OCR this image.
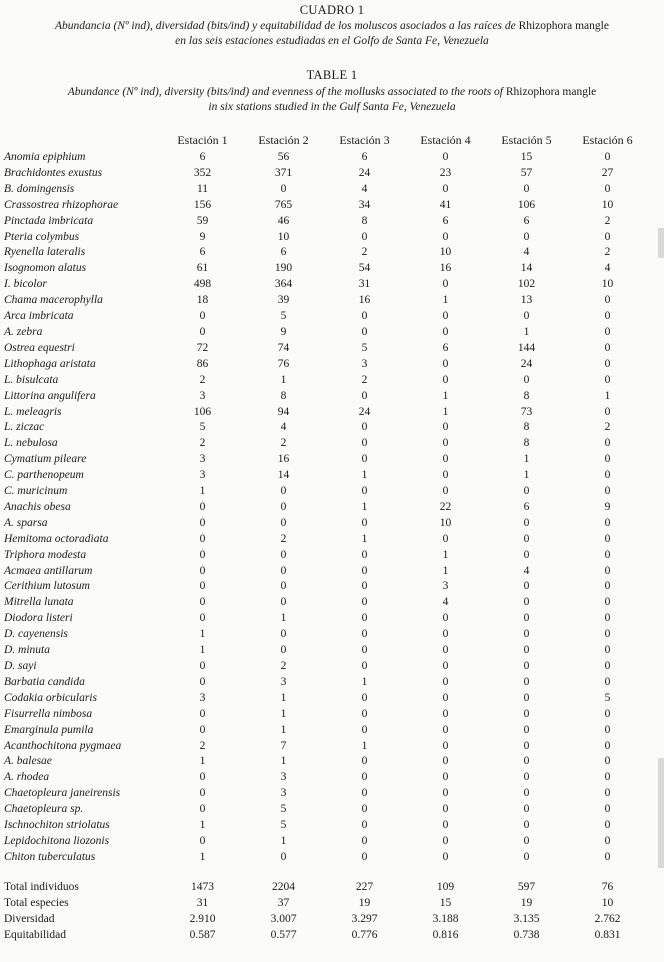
CUADRO 1
Abundancia (Nº ind), diversidad (bits/ind) y equitabilidad de los moluscos asociados a las raíces de Rhizophora mangle
en las seis estaciones estudiadas en el Golfo de Santa Fe, Venezuela
TABLE 1
Abundance (Nº ind), diversity (bits/ind) and evenness of the mollusks associated to the roots of Rhizophora mangle
in six stations studied in the Gulf Santa Fe, Venezuela
	Estación 1	Estación 2	Estación 3	Estación 4	Estación 5	Estación 6
Anomia epiphium	6	56	6	0	15	0
Brachidontes exustus	352	371	24	23	57	27
B. domingensis	11	0	4	0	0	0
Crassostrea rhizophorae	156	765	34	41	106	10
Pinctada imbricata	59	46	8	6	6	2
Pteria colymbus	9	10	0	0	0	0
Ryenella lateralis	6	6	2	10	4	2
Isognomon alatus	61	190	54	16	14	4
I. bicolor	498	364	31	0	102	10
Chama macerophylla	18	39	16	1	13	0
Arca imbricata	0	5	0	0	0	0
A. zebra	0	9	0	0	1	0
Ostrea equestri	72	74	5	6	144	0
Lithophaga aristata	86	76	3	0	24	0
L. bisulcata	2	1	2	0	0	0
Littorina angulifera	3	8	0	1	8	1
L. meleagris	106	94	24	1	73	0
L. ziczac	5	4	0	0	8	2
L. nebulosa	2	2	0	0	8	0
Cymatium pileare	3	16	0	0	1	0
C. parthenopeum	3	14	1	0	1	0
C. muricinum	1	0	0	0	0	0
Anachis obesa	0	0	1	22	6	9
A. sparsa	0	0	0	10	0	0
Hemitoma octoradiata	0	2	1	0	0	0
Triphora modesta	0	0	0	1	0	0
Acmaea antillarum	0	0	0	1	4	0
Cerithium lutosum	0	0	0	3	0	0
Mitrella lunata	0	0	0	4	0	0
Diodora listeri	0	1	0	0	0	0
D. cayenensis	1	0	0	0	0	0
D. minuta	1	0	0	0	0	0
D. sayi	0	2	0	0	0	0
Barbatia candida	0	3	1	0	0	0
Codakia orbicularis	3	1	0	0	0	5
Fisurrella nimbosa	0	1	0	0	0	0
Emarginula pumila	0	1	0	0	0	0
Acanthochitona pygmaea	2	7	1	0	0	0
A. balesae	1	1	0	0	0	0
A. rhodea	0	3	0	0	0	0
Chaetopleura janeirensis	0	3	0	0	0	0
Chaetopleura sp.	0	5	0	0	0	0
Ischnochiton striolatus	1	5	0	0	0	0
Lepidochitona liozonis	0	1	0	0	0	0
Chiton tuberculatus	1	0	0	0	0	0

Total individuos	1473	2204	227	109	597	76
Total especies	31	37	19	15	19	10
Diversidad	2.910	3.007	3.297	3.188	3.135	2.762
Equitabilidad	0.587	0.577	0.776	0.816	0.738	0.831
